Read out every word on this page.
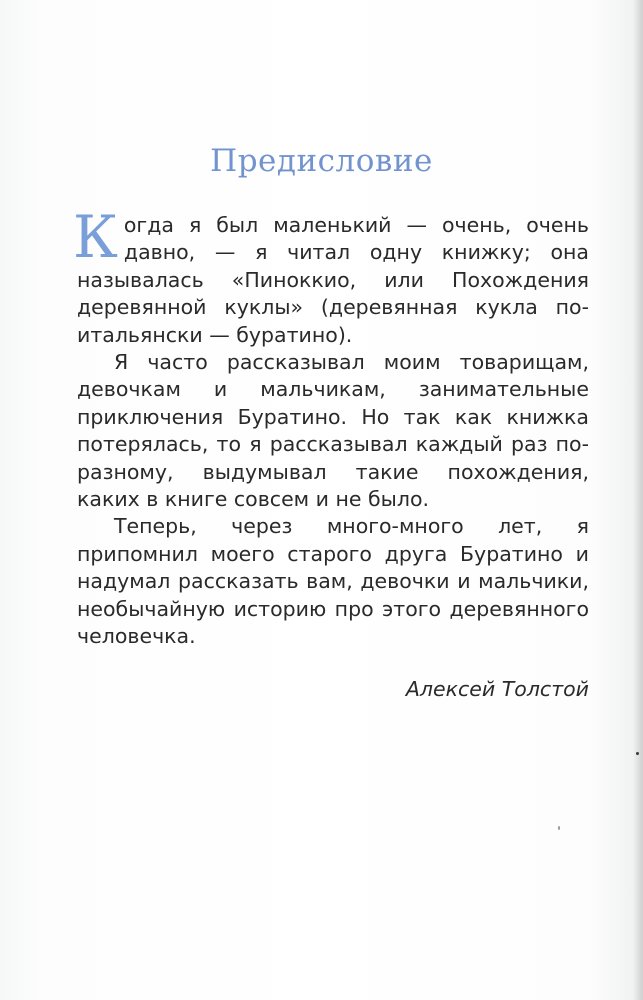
Предисловие

Когда я был маленький — очень, очень давно, — я читал одну книжку; она называлась «Пиноккио, или Похождения деревянной куклы» (деревянная кукла по-итальянски — буратино).

Я часто рассказывал моим товарищам, девочкам и мальчикам, занимательные приключения Буратино. Но так как книжка потерялась, то я рассказывал каждый раз по-разному, выдумывал такие похождения, каких в книге совсем и не было.

Теперь, через много-много лет, я припомнил моего старого друга Буратино и надумал рассказать вам, девочки и мальчики, необычайную историю про этого деревянного человечка.

Алексей Толстой
